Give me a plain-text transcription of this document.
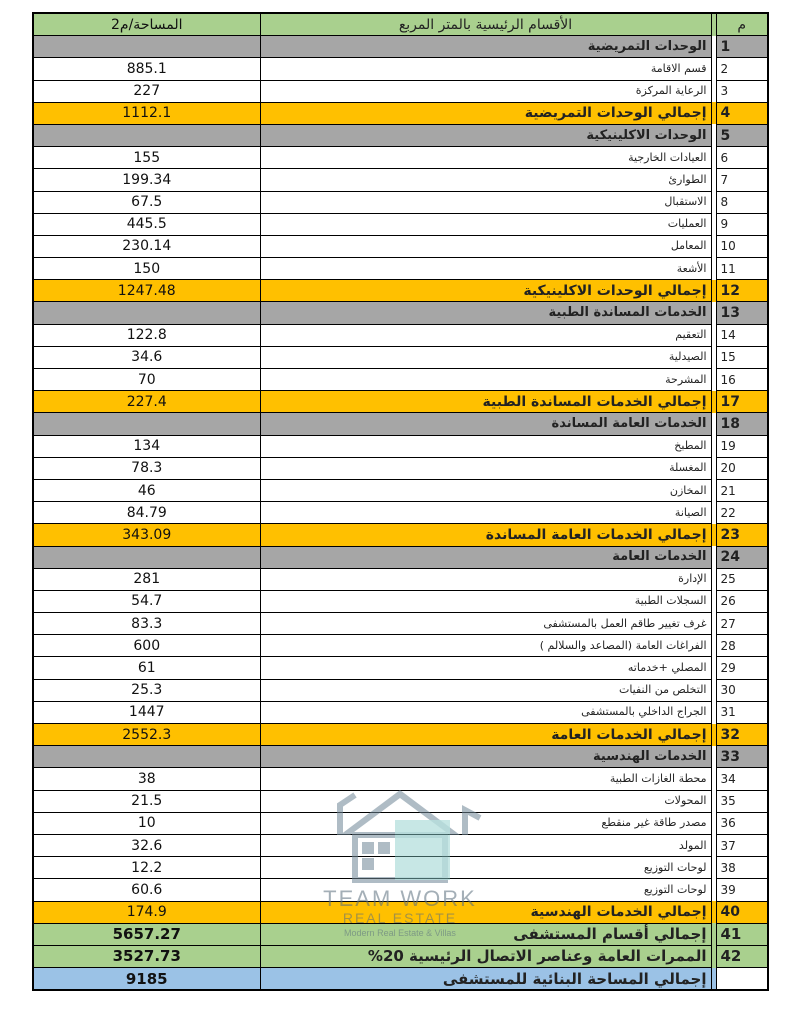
م		الأقسام الرئيسية بالمتر المربع	المساحة/م2
1		الوحدات التمريضية	
2		قسم الاقامة	885.1
3		الرعاية المركزة	227
4		إجمالي الوحدات التمريضية	1112.1
5		الوحدات الاكلينيكية	
6		العيادات الخارجية	155
7		الطوارئ	199.34
8		الاستقبال	67.5
9		العمليات	445.5
10		المعامل	230.14
11		الأشعة	150
12		إجمالي الوحدات الاكلينيكية	1247.48
13		الخدمات المساندة الطبية	
14		التعقيم	122.8
15		الصيدلية	34.6
16		المشرحة	70
17		إجمالي الخدمات المساندة الطبية	227.4
18		الخدمات العامة المساندة	
19		المطبخ	134
20		المغسلة	78.3
21		المخازن	46
22		الصيانة	84.79
23		إجمالي الخدمات العامة المساندة	343.09
24		الخدمات العامة	
25		الإدارة	281
26		السجلات الطبية	54.7
27		غرف تغيير طاقم العمل بالمستشفى	83.3
28		الفراغات العامة (المصاعد والسلالم )	600
29		المصلي +خدماته	61
30		التخلص من النفيات	25.3
31		الجراج الداخلي بالمستشفى	1447
32		إجمالي الخدمات العامة	2552.3
33		الخدمات الهندسية	
34		محطة الغازات الطبية	38
35		المحولات	21.5
36		مصدر طاقة غير منقطع	10
37		المولد	32.6
38		لوحات التوزيع	12.2
39		لوحات التوزيع	60.6
40		إجمالي الخدمات الهندسية	174.9
41		إجمالي أقسام المستشفى	5657.27
42		الممرات العامة وعناصر الاتصال الرئيسية 20%	3527.73
		إجمالي المساحة البنائية للمستشفى	9185
TEAM WORK
REAL ESTATE
Modern Real Estate & Villas
